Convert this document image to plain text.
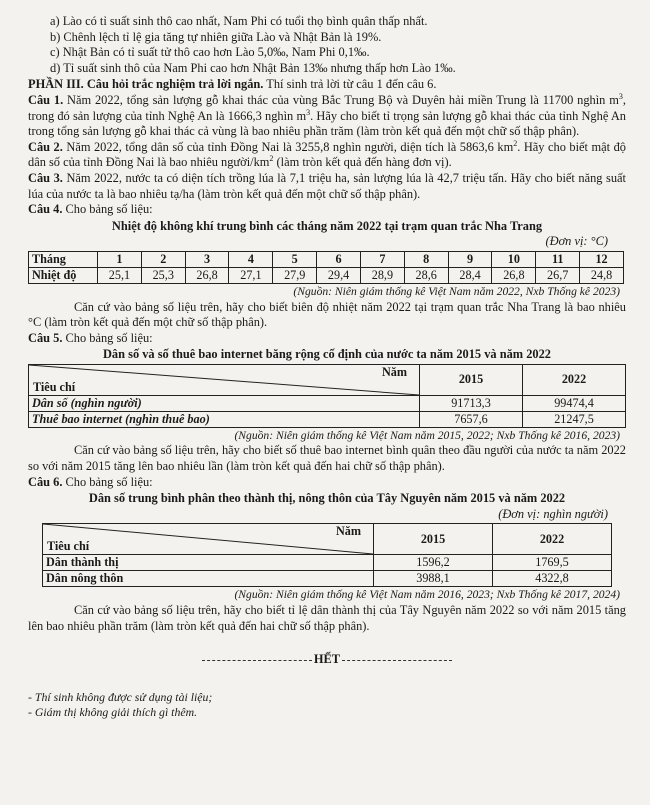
a) Lào có tỉ suất sinh thô cao nhất, Nam Phi có tuổi thọ bình quân thấp nhất.

b) Chênh lệch tỉ lệ gia tăng tự nhiên giữa Lào và Nhật Bản là 19%.

c) Nhật Bản có tỉ suất tử thô cao hơn Lào 5,0‰, Nam Phi 0,1‰.

d) Tỉ suất sinh thô của Nam Phi cao hơn Nhật Bản 13‰ nhưng thấp hơn Lào 1‰.

PHẦN III. Câu hỏi trắc nghiệm trả lời ngắn. Thí sinh trả lời từ câu 1 đến câu 6.

Câu 1. Năm 2022, tổng sản lượng gỗ khai thác của vùng Bắc Trung Bộ và Duyên hải miền Trung là 11700 nghìn $m^3$, trong đó sản lượng của tỉnh Nghệ An là 1666,3 nghìn $m^3$. Hãy cho biết tỉ trọng sản lượng gỗ khai thác của tỉnh Nghệ An trong tổng sản lượng gỗ khai thác cả vùng là bao nhiêu phần trăm (làm tròn kết quả đến một chữ số thập phân).

Câu 2. Năm 2022, tổng dân số của tỉnh Đồng Nai là 3255,8 nghìn người, diện tích là 5863,6 $km^2$. Hãy cho biết mật độ dân số của tỉnh Đồng Nai là bao nhiêu người/$km^2$ (làm tròn kết quả đến hàng đơn vị).

Câu 3. Năm 2022, nước ta có diện tích trồng lúa là 7,1 triệu ha, sản lượng lúa là 42,7 triệu tấn. Hãy cho biết năng suất lúa của nước ta là bao nhiêu tạ/ha (làm tròn kết quả đến một chữ số thập phân).

Câu 4. Cho bảng số liệu:

Nhiệt độ không khí trung bình các tháng năm 2022 tại trạm quan trắc Nha Trang

(Đơn vị: °C)

Tháng	1	2	3	4	5	6	7	8	9	10	11	12
Nhiệt độ	25,1	25,3	26,8	27,1	27,9	29,4	28,9	28,6	28,4	26,8	26,7	24,8

(Nguồn: Niên giám thống kê Việt Nam năm 2022, Nxb Thống kê 2023)

Căn cứ vào bảng số liệu trên, hãy cho biết biên độ nhiệt năm 2022 tại trạm quan trắc Nha Trang là bao nhiêu °C (làm tròn kết quả đến một chữ số thập phân).

Câu 5. Cho bảng số liệu:

Dân số và số thuê bao internet băng rộng cố định của nước ta năm 2015 và năm 2022

Năm
Tiêu chí	2015	2022
Dân số (nghìn người)	91713,3	99474,4
Thuê bao internet (nghìn thuê bao)	7657,6	21247,5

(Nguồn: Niên giám thống kê Việt Nam năm 2015, 2022; Nxb Thống kê 2016, 2023)

Căn cứ vào bảng số liệu trên, hãy cho biết số thuê bao internet bình quân theo đầu người của nước ta năm 2022 so với năm 2015 tăng lên bao nhiêu lần (làm tròn kết quả đến hai chữ số thập phân).

Câu 6. Cho bảng số liệu:

Dân số trung bình phân theo thành thị, nông thôn của Tây Nguyên năm 2015 và năm 2022

(Đơn vị: nghìn người)

Năm
Tiêu chí	2015	2022
Dân thành thị	1596,2	1769,5
Dân nông thôn	3988,1	4322,8

(Nguồn: Niên giám thống kê Việt Nam năm 2016, 2023; Nxb Thống kê 2017, 2024)

Căn cứ vào bảng số liệu trên, hãy cho biết tỉ lệ dân thành thị của Tây Nguyên năm 2022 so với năm 2015 tăng lên bao nhiêu phần trăm (làm tròn kết quả đến hai chữ số thập phân).

HẾT

- Thí sinh không được sử dụng tài liệu;

- Giám thị không giải thích gì thêm.
